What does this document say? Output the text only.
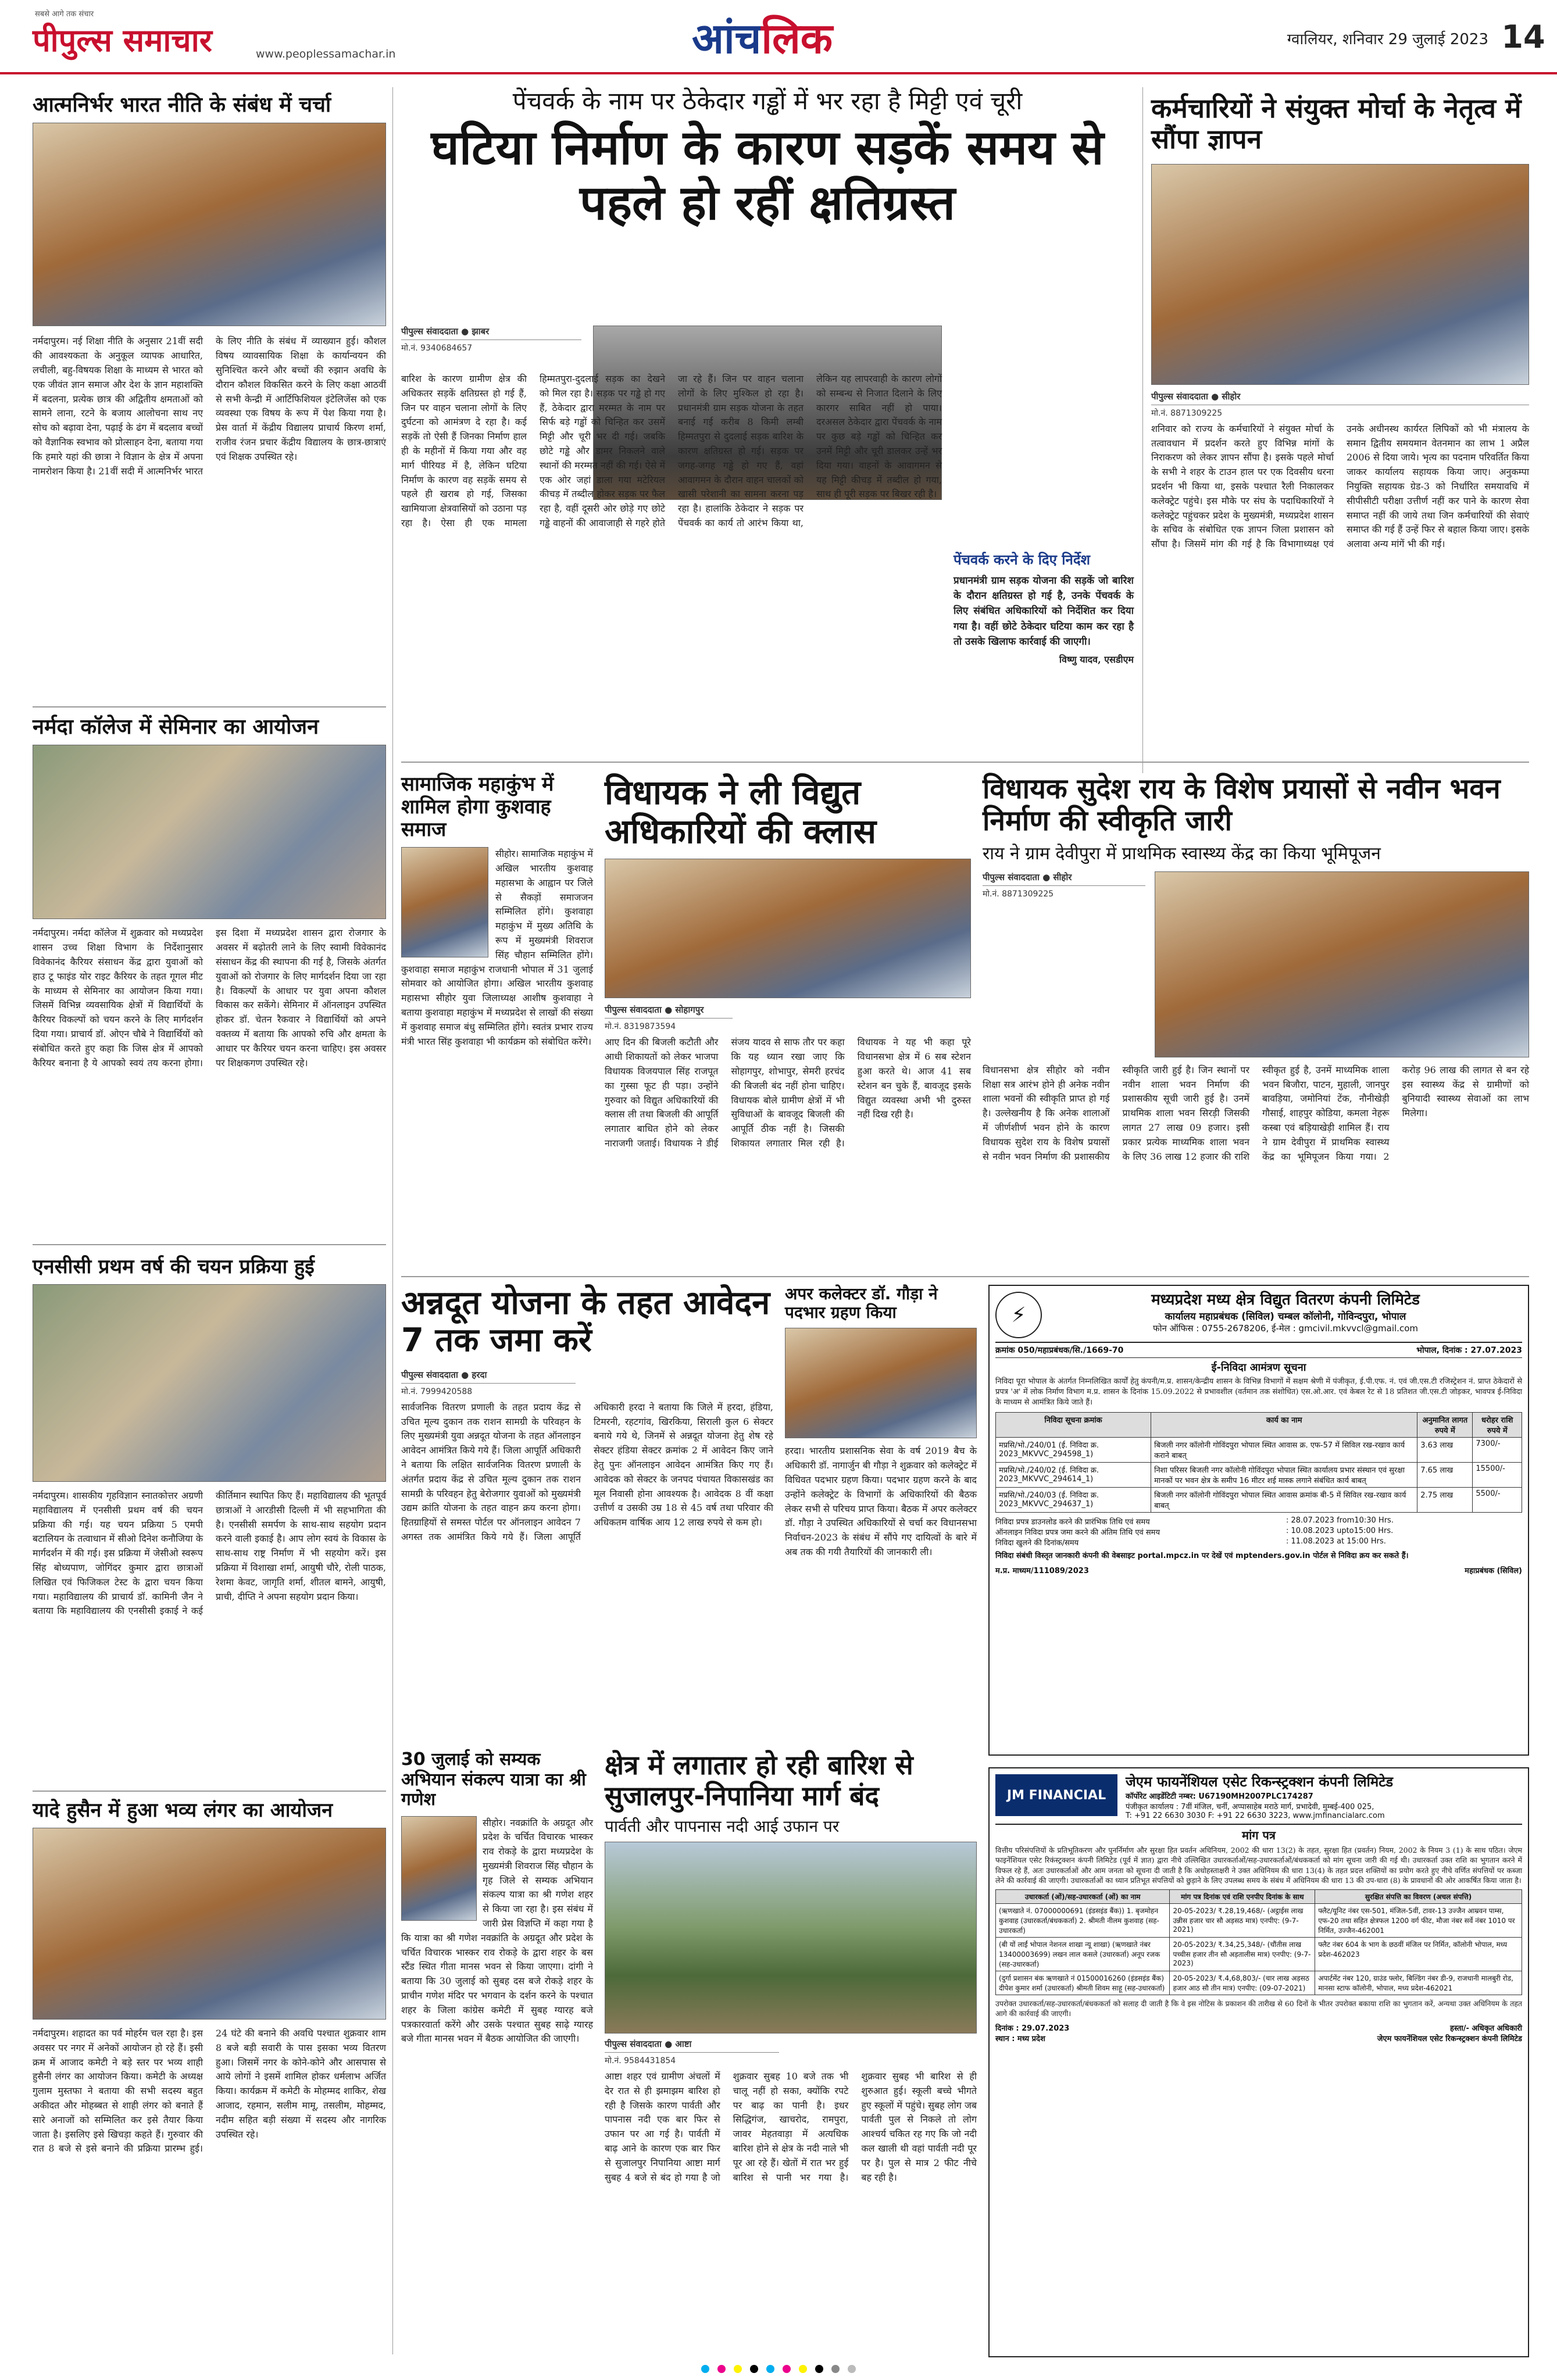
पीपुल्स समाचार
सबसे आगे तक संचार
www.peoplessamachar.in	आंचलिक	ग्वालियर, शनिवार 29 जुलाई 2023 14
आत्मनिर्भर भारत नीति के संबंध में चर्चा
नर्मदापुरम। नई शिक्षा नीति के अनुसार 21वीं सदी की आवश्यकता के अनुकूल व्यापक आधारित, लचीली, बहु-विषयक शिक्षा के माध्यम से भारत को एक जीवंत ज्ञान समाज और देश के ज्ञान महाशक्ति में बदलना, प्रत्येक छात्र की अद्वितीय क्षमताओं को सामने लाना, रटने के बजाय आलोचना साथ नए सोच को बढ़ावा देना, पढ़ाई के ढंग में बदलाव बच्चों को वैज्ञानिक स्वभाव को प्रोत्साहन देना, बताया गया कि हमारे यहां की छात्रा ने विज्ञान के क्षेत्र में अपना नामरोशन किया है। 21वीं सदी में आत्मनिर्भर भारत के लिए नीति के संबंध में व्याख्यान हुई। कौशल विषय व्यावसायिक शिक्षा के कार्यान्वयन की सुनिश्चित करने और बच्चों की रुझान अवधि के दौरान कौशल विकसित करने के लिए कक्षा आठवीं से सभी केन्द्री में आर्टिफिशियल इंटेलिजेंस को एक व्यवस्था एक विषय के रूप में पेश किया गया है। प्रेस वार्ता में केंद्रीय विद्यालय प्राचार्य किरण शर्मा, राजीव रंजन प्रचार केंद्रीय विद्यालय के छात्र-छात्राएं एवं शिक्षक उपस्थित रहे।
पेंचवर्क के नाम पर ठेकेदार गड्ढों में भर रहा है मिट्टी एवं चूरी
घटिया निर्माण के कारण सड़कें समय से पहले हो रहीं क्षतिग्रस्त
पीपुल्स संवाददाता ● झाबर
मो.नं. 9340684657
बारिश के कारण ग्रामीण क्षेत्र की अधिकतर सड़कें क्षतिग्रस्त हो गई हैं, जिन पर वाहन चलाना लोगों के लिए दुर्घटना को आमंत्रण दे रहा है। कई सड़कें तो ऐसी हैं जिनका निर्माण हाल ही के महीनों में किया गया और वह मार्ग पीरियड में है, लेकिन घटिया निर्माण के कारण वह सड़कें समय से पहले ही खराब हो गई, जिसका खामियाजा क्षेत्रवासियों को उठाना पड़ रहा है। ऐसा ही एक मामला हिम्मतपुरा-दुदलाई सड़क का देखने को मिल रहा है। सड़क पर गड्ढे हो गए हैं, ठेकेदार द्वारा मरम्मत के नाम पर सिर्फ बड़े गड्ढों को चिन्हित कर उसमें मिट्टी और चूरी भर दी गई। जबकि छोटे गड्ढे और डामर निकलने वाले स्थानों की मरम्मत नहीं की गई। ऐसे में एक ओर जहां डाला गया मटेरियल कीचड़ में तब्दील होकर सड़क पर फैल रहा है, वहीं दूसरी ओर छोड़े गए छोटे गड्ढे वाहनों की आवाजाही से गहरे होते जा रहे हैं। जिन पर वाहन चलाना लोगों के लिए मुश्किल हो रहा है। प्रधानमंत्री ग्राम सड़क योजना के तहत बनाई गई करीब 8 किमी लम्बी हिम्मतपुरा से दुदलाई सड़क बारिश के कारण क्षतिग्रस्त हो गई। सड़क पर जगह-जगह गड्ढे हो गए हैं, वहां आवागमन के दौरान वाहन चालकों को खासी परेशानी का सामना करना पड़ रहा है। हालांकि ठेकेदार ने सड़क पर पेंचवर्क का कार्य तो आरंभ किया था, लेकिन यह लापरवाही के कारण लोगों को सम्बन्ध से निजात दिलाने के लिए कारगर साबित नहीं हो पाया। दरअसल ठेकेदार द्वारा पेंचवर्क के नाम पर कुछ बड़े गड्ढों को चिन्हित कर उनमें मिट्टी और चूरी डालकर उन्हें भर दिया गया। वाहनों के आवागमन से यह मिट्टी कीचड़ में तब्दील हो गया, साथ ही पूरी सड़क पर बिखर रही है।
पेंचवर्क करने के दिए निर्देश
प्रधानमंत्री ग्राम सड़क योजना की सड़कें जो बारिश के दौरान क्षतिग्रस्त हो गई है, उनके पेंचवर्क के लिए संबंधित अधिकारियों को निर्देशित कर दिया गया है। वहीं छोटे ठेकेदार घटिया काम कर रहा है तो उसके खिलाफ कार्रवाई की जाएगी।
विष्णु यादव, एसडीएम
कर्मचारियों ने संयुक्त मोर्चा के नेतृत्व में सौंपा ज्ञापन
पीपुल्स संवाददाता ● सीहोर
मो.नं. 8871309225
शनिवार को राज्य के कर्मचारियों ने संयुक्त मोर्चा के तत्वावधान में प्रदर्शन करते हुए विभिन्न मांगों के निराकरण को लेकर ज्ञापन सौंपा है। इसके पहले मोर्चा के सभी ने शहर के टाउन हाल पर एक दिवसीय धरना प्रदर्शन भी किया था, इसके पश्चात रैली निकालकर कलेक्ट्रेट पहुंचे। इस मौके पर संघ के पदाधिकारियों ने कलेक्ट्रेट पहुंचकर प्रदेश के मुख्यमंत्री, मध्यप्रदेश शासन के सचिव के संबोधित एक ज्ञापन जिला प्रशासन को सौंपा है। जिसमें मांग की गई है कि विभागाध्यक्ष एवं उनके अधीनस्थ कार्यरत लिपिकों को भी मंत्रालय के समान द्वितीय समयमान वेतनमान का लाभ 1 अप्रैल 2006 से दिया जाये। भृत्य का पदनाम परिवर्तित किया जाकर कार्यालय सहायक किया जाए। अनुकम्पा नियुक्ति सहायक ग्रेड-3 को निर्धारित समयावधि में सीपीसीटी परीक्षा उत्तीर्ण नहीं कर पाने के कारण सेवा समाप्त नहीं की जाये तथा जिन कर्मचारियों की सेवाएं समाप्त की गई हैं उन्हें फिर से बहाल किया जाए। इसके अलावा अन्य मांगें भी की गई।
नर्मदा कॉलेज में सेमिनार का आयोजन
नर्मदापुरम। नर्मदा कॉलेज में शुक्रवार को मध्यप्रदेश शासन उच्च शिक्षा विभाग के निर्देशानुसार विवेकानंद कैरियर संसाधन केंद्र द्वारा युवाओं को हाउ टू फाइंड योर राइट कैरियर के तहत गूगल मीट के माध्यम से सेमिनार का आयोजन किया गया। जिसमें विभिन्न व्यवसायिक क्षेत्रों में विद्यार्थियों के कैरियर विकल्पों को चयन करने के लिए मार्गदर्शन दिया गया। प्राचार्य डॉ. ओएन चौबे ने विद्यार्थियों को संबोधित करते हुए कहा कि जिस क्षेत्र में आपको कैरियर बनाना है ये आपको स्वयं तय करना होगा। इस दिशा में मध्यप्रदेश शासन द्वारा रोजगार के अवसर में बढ़ोतरी लाने के लिए स्वामी विवेकानंद संसाधन केंद्र की स्थापना की गई है, जिसके अंतर्गत युवाओं को रोजगार के लिए मार्गदर्शन दिया जा रहा है। विकल्पों के आधार पर युवा अपना कौशल विकास कर सकेंगे। सेमिनार में ऑनलाइन उपस्थित होकर डॉ. चेतन रैकवार ने विद्यार्थियों को अपने वक्तव्य में बताया कि आपको रुचि और क्षमता के आधार पर कैरियर चयन करना चाहिए। इस अवसर पर शिक्षकगण उपस्थित रहे।
सामाजिक महाकुंभ में शामिल होगा कुशवाह समाज
सीहोर। सामाजिक महाकुंभ में अखिल भारतीय कुशवाह महासभा के आह्वान पर जिले से सैकड़ों समाजजन सम्मिलित होंगे। कुशवाहा महाकुंभ में मुख्य अतिथि के रूप में मुख्यमंत्री शिवराज सिंह चौहान सम्मिलित होंगे। कुशवाहा समाज महाकुंभ राजधानी भोपाल में 31 जुलाई सोमवार को आयोजित होगा। अखिल भारतीय कुशवाह महासभा सीहोर युवा जिलाध्यक्ष आशीष कुशवाहा ने बताया कुशवाहा महाकुंभ में मध्यप्रदेश से लाखों की संख्या में कुशवाह समाज बंधु सम्मिलित होंगे। स्वतंत्र प्रभार राज्य मंत्री भारत सिंह कुशवाहा भी कार्यक्रम को संबोधित करेंगे।
विधायक ने ली विद्युत अधिकारियों की क्लास
पीपुल्स संवाददाता ● सोहागपुर
मो.नं. 8319873594
आए दिन की बिजली कटौती और आधी शिकायतों को लेकर भाजपा विधायक विजयपाल सिंह राजपूत का गुस्सा फूट ही पड़ा। उन्होंने गुरुवार को विद्युत अधिकारियों की क्लास ली तथा बिजली की आपूर्ति लगातार बाधित होने को लेकर नाराजगी जताई। विधायक ने डीई संजय यादव से साफ तौर पर कहा कि यह ध्यान रखा जाए कि सोहागपुर, शोभापुर, सेमरी हरचंद की बिजली बंद नहीं होना चाहिए। विधायक बोले ग्रामीण क्षेत्रों में भी सुविधाओं के बावजूद बिजली की आपूर्ति ठीक नहीं है। जिसकी शिकायत लगातार मिल रही है। विधायक ने यह भी कहा पूरे विधानसभा क्षेत्र में 6 सब स्टेशन हुआ करते थे। आज 41 सब स्टेशन बन चुके हैं, बावजूद इसके विद्युत व्यवस्था अभी भी दुरुस्त नहीं दिख रही है।
विधायक सुदेश राय के विशेष प्रयासों से नवीन भवन निर्माण की स्वीकृति जारी
राय ने ग्राम देवीपुरा में प्राथमिक स्वास्थ्य केंद्र का किया भूमिपूजन
पीपुल्स संवाददाता ● सीहोर
मो.नं. 8871309225
विधानसभा क्षेत्र सीहोर को नवीन शिक्षा सत्र आरंभ होने ही अनेक नवीन शाला भवनों की स्वीकृति प्राप्त हो गई है। उल्लेखनीय है कि अनेक शालाओं में जीर्णशीर्ण भवन होने के कारण विधायक सुदेश राय के विशेष प्रयासों से नवीन भवन निर्माण की प्रशासकीय स्वीकृति जारी हुई है। जिन स्थानों पर नवीन शाला भवन निर्माण की प्रशासकीय सूची जारी हुई है। उनमें प्राथमिक शाला भवन सिरड़ी जिसकी लागत 27 लाख 09 हजार। इसी प्रकार प्रत्येक माध्यमिक शाला भवन के लिए 36 लाख 12 हजार की राशि स्वीकृत हुई है, उनमें माध्यमिक शाला भवन बिजौरा, पाटन, मुहाली, जानपुर बावड़िया, जमोनियां टेंक, नौनीखेड़ी गौसाई, शाहपुर कोडिया, कमला नेहरू कस्बा एवं बड़ियाखेड़ी शामिल हैं। राय ने ग्राम देवीपुरा में प्राथमिक स्वास्थ्य केंद्र का भूमिपूजन किया गया। 2 करोड़ 96 लाख की लागत से बन रहे इस स्वास्थ्य केंद्र से ग्रामीणों को बुनियादी स्वास्थ्य सेवाओं का लाभ मिलेगा।
एनसीसी प्रथम वर्ष की चयन प्रक्रिया हुई
नर्मदापुरम। शासकीय गृहविज्ञान स्नातकोत्तर अग्रणी महाविद्यालय में एनसीसी प्रथम वर्ष की चयन प्रक्रिया की गई। यह चयन प्रक्रिया 5 एमपी बटालियन के तत्वाधान में सीओ दिनेश कनौजिया के मार्गदर्शन में की गई। इस प्रक्रिया में जेसीओ स्वरूप सिंह बोध्यपाण, जोगिंदर कुमार द्वारा छात्राओं लिखित एवं फिजिकल टेस्ट के द्वारा चयन किया गया। महाविद्यालय की प्राचार्य डॉ. कामिनी जैन ने बताया कि महाविद्यालय की एनसीसी इकाई ने कई कीर्तिमान स्थापित किए हैं। महाविद्यालय की भूतपूर्व छात्राओं ने आरडीसी दिल्ली में भी सहभागिता की है। एनसीसी समर्पण के साथ-साथ सहयोग प्रदान करने वाली इकाई है। आप लोग स्वयं के विकास के साथ-साथ राष्ट्र निर्माण में भी सहयोग करें। इस प्रक्रिया में विशाखा शर्मा, आयुषी चौरे, रोली पाठक, रेशमा केवट, जागृति शर्मा, शीतल बामने, आयुषी, प्राची, दीप्ति ने अपना सहयोग प्रदान किया।
अन्नदूत योजना के तहत आवेदन 7 तक जमा करें
पीपुल्स संवाददाता ● हरदा
मो.नं. 7999420588
सार्वजनिक वितरण प्रणाली के तहत प्रदाय केंद्र से उचित मूल्य दुकान तक राशन सामग्री के परिवहन के लिए मुख्यमंत्री युवा अन्नदूत योजना के तहत ऑनलाइन आवेदन आमंत्रित किये गये हैं। जिला आपूर्ति अधिकारी ने बताया कि लक्षित सार्वजनिक वितरण प्रणाली के अंतर्गत प्रदाय केंद्र से उचित मूल्य दुकान तक राशन सामग्री के परिवहन हेतु बेरोजगार युवाओं को मुख्यमंत्री उद्यम क्रांति योजना के तहत वाहन क्रय करना होगा। हितग्राहियों से समस्त पोर्टल पर ऑनलाइन आवेदन 7 अगस्त तक आमंत्रित किये गये हैं। जिला आपूर्ति अधिकारी हरदा ने बताया कि जिले में हरदा, हंडिया, टिमरनी, रहटगांव, खिरकिया, सिराली कुल 6 सेक्टर बनाये गये थे, जिनमें से अन्नदूत योजना हेतु शेष रहे सेक्टर हंडिया सेक्टर क्रमांक 2 में आवेदन किए जाने हेतु पुनः ऑनलाइन आवेदन आमंत्रित किए गए हैं। आवेदक को सेक्टर के जनपद पंचायत विकासखंड का मूल निवासी होना आवश्यक है। आवेदक 8 वीं कक्षा उत्तीर्ण व उसकी उम्र 18 से 45 वर्ष तथा परिवार की अधिकतम वार्षिक आय 12 लाख रुपये से कम हो।
अपर कलेक्टर डॉ. गौड़ा ने पदभार ग्रहण किया
हरदा। भारतीय प्रशासनिक सेवा के वर्ष 2019 बैच के अधिकारी डॉ. नागार्जुन बी गौड़ा ने शुक्रवार को कलेक्ट्रेट में विधिवत पदभार ग्रहण किया। पदभार ग्रहण करने के बाद उन्होंने कलेक्ट्रेट के विभागों के अधिकारियों की बैठक लेकर सभी से परिचय प्राप्त किया। बैठक में अपर कलेक्टर डॉ. गौड़ा ने उपस्थित अधिकारियों से चर्चा कर विधानसभा निर्वाचन-2023 के संबंध में सौंपे गए दायित्वों के बारे में अब तक की गयी तैयारियों की जानकारी ली।
⚡
मध्यप्रदेश मध्य क्षेत्र विद्युत वितरण कंपनी लिमिटेड
कार्यालय महाप्रबंधक (सिविल) चम्बल कॉलोनी, गोविन्दपुरा, भोपाल
फोन ऑफिस : 0755-2678206, ई-मेल : gmcivil.mkvvcl@gmail.com
क्रमांक 050/महाप्रबंधक/सि./1669-70	भोपाल, दिनांक : 27.07.2023
ई-निविदा आमंत्रण सूचना
निविदा पूरा भोपाल के अंतर्गत निम्नलिखित कार्यों हेतु कंपनी/म.प्र. शासन/केन्द्रीय शासन के विभिन्न विभागों में सक्षम श्रेणी में पंजीकृत, ई.पी.एफ. नं. एवं जी.एस.टी रजिस्ट्रेशन नं. प्राप्त ठेकेदारों से प्रपत्र 'अ' में लोक निर्माण विभाग म.प्र. शासन के दिनांक 15.09.2022 से प्रभावशील (वर्तमान तक संशोधित) एस.ओ.आर. एवं केबल रेट से 18 प्रतिशत जी.एस.टी जोड़कर, भावपत्र ई-निविदा के माध्यम से आमंत्रित किये जाते हैं।
निविदा सूचना क्रमांक	कार्य का नाम	अनुमानित लागत रुपये में	धरोहर राशि रुपये में
मप्रसि/भो./240/01 (ई. निविदा क्र. 2023_MKVVC_294598_1)	बिजली नगर कॉलोनी गोविंदपुरा भोपाल स्थित आवास क्र. एफ-57 में सिविल रख-रखाव कार्य कराने बाबत्	3.63 लाख	7300/-
मप्रसि/भो./240/02 (ई. निविदा क्र. 2023_MKVVC_294614_1)	निशा परिसर बिजली नगर कॉलोनी गोविंदपुरा भोपाल स्थित कार्यालय प्रभार संस्थान एवं सुरक्षा मानकों पर भवन क्षेत्र के समीप 16 मीटर शई मास्क लगाने संबंधित कार्य बाबत्	7.65 लाख	15500/-
मप्रसि/भो./240/03 (ई. निविदा क्र. 2023_MKVVC_294637_1)	बिजली नगर कॉलोनी गोविंदपुरा भोपाल स्थित आवास क्रमांक बी-5 में सिविल रख-रखाव कार्य बाबत्	2.75 लाख	5500/-
निविदा प्रपत्र डाउनलोड करने की प्रारंभिक तिथि एवं समय	: 28.07.2023 from10:30 Hrs.
ऑनलाइन निविदा प्रपत्र जमा करने की अंतिम तिथि एवं समय	: 10.08.2023 upto15:00 Hrs.
निविदा खुलने की दिनांक/समय	: 11.08.2023 at 15:00 Hrs.
निविदा संबंधी विस्तृत जानकारी कंपनी की वेबसाइट portal.mpcz.in पर देखें एवं mptenders.gov.in पोर्टल से निविदा क्रय कर सकते हैं।
म.प्र. माध्यम/111089/2023	महाप्रबंधक (सिविल)
यादे हुसैन में हुआ भव्य लंगर का आयोजन
नर्मदापुरम। शहादत का पर्व मोहर्रम चल रहा है। इस अवसर पर नगर में अनेकों आयोजन हो रहे हैं। इसी क्रम में आजाद कमेटी ने बड़े स्तर पर भव्य शाही हुसैनी लंगर का आयोजन किया। कमेटी के अध्यक्ष गुलाम मुस्तफा ने बताया की सभी सदस्य बहुत अकीदत और मोहब्बत से शाही लंगर को बनाते हैं सारे अनाजों को सम्मिलित कर इसे तैयार किया जाता है। इसलिए इसे खिचड़ा कहते हैं। गुरुवार की रात 8 बजे से इसे बनाने की प्रक्रिया प्रारम्भ हुई। 24 घंटे की बनाने की अवधि पश्चात शुक्रवार शाम 8 बजे बड़ी सवारी के पास इसका भव्य वितरण हुआ। जिसमें नगर के कोने-कोने और आसपास से आये लोगों ने इसमें शामिल होकर धर्मलाभ अर्जित किया। कार्यक्रम में कमेटी के मोहम्मद शाकिर, शेख आजाद, रहमान, सलीम मामू, तसलीम, मोहम्मद, नदीम सहित बड़ी संख्या में सदस्य और नागरिक उपस्थित रहे।
30 जुलाई को सम्यक अभियान संकल्प यात्रा का श्री गणेश
सीहोर। नवक्रांति के अग्रदूत और प्रदेश के चर्चित विचारक भास्कर राव रोकड़े के द्वारा मध्यप्रदेश के मुख्यमंत्री शिवराज सिंह चौहान के गृह जिले से सम्यक अभियान संकल्प यात्रा का श्री गणेश शहर से किया जा रहा है। इस संबंध में जारी प्रेस विज्ञप्ति में कहा गया है कि यात्रा का श्री गणेश नवक्रांति के अग्रदूत और प्रदेश के चर्चित विचारक भास्कर राव रोकड़े के द्वारा शहर के बस स्टैंड स्थित गीता मानस भवन से किया जाएगा। दांगी ने बताया कि 30 जुलाई को सुबह दस बजे रोकड़े शहर के प्राचीन गणेश मंदिर पर भगवान के दर्शन करने के पश्चात शहर के जिला कांग्रेस कमेटी में सुबह ग्यारह बजे पत्रकारवार्ता करेंगे और उसके पश्चात सुबह साढ़े ग्यारह बजे गीता मानस भवन में बैठक आयोजित की जाएगी।
क्षेत्र में लगातार हो रही बारिश से सुजालपुर-निपानिया मार्ग बंद
पार्वती और पापनास नदी आई उफान पर
पीपुल्स संवाददाता ● आष्टा
मो.नं. 9584431854
आष्टा शहर एवं ग्रामीण अंचलों में देर रात से ही झमाझम बारिश हो रही है जिसके कारण पार्वती और पापनास नदी एक बार फिर से उफान पर आ गई है। पार्वती में बाढ़ आने के कारण एक बार फिर से सुजालपुर निपानिया आष्टा मार्ग सुबह 4 बजे से बंद हो गया है जो शुक्रवार सुबह 10 बजे तक भी चालू नहीं हो सका, क्योंकि रपटे पर बाढ़ का पानी है। इधर सिद्धिगंज, खाचरोद, रामपुरा, जावर मेहतवाड़ा में अत्यधिक बारिश होने से क्षेत्र के नदी नाले भी पूर आ रहे हैं। खेतों में रात भर हुई बारिश से पानी भर गया है। शुक्रवार सुबह भी बारिश से ही शुरुआत हुई। स्कूली बच्चे भीगते हुए स्कूलों में पहुंचे। सुबह लोग जब पार्वती पुल से निकले तो लोग आश्चर्य चकित रह गए कि जो नदी कल खाली थी वहां पार्वती नदी पूर पर है। पुल से मात्र 2 फीट नीचे बह रही है।
JM FINANCIAL
जेएम फायनेंशियल एसेट रिकन्स्ट्रक्शन कंपनी लिमिटेड
कॉर्पोरेट आइडेंटिटी नम्बर: U67190MH2007PLC174287
पंजीकृत कार्यालय : 7वीं मंजिल, चर्नी, अप्पासाहेब मराठे मार्ग, प्रभादेवी, मुम्बई-400 025,
T: +91 22 6630 3030 F: +91 22 6630 3223, www.jmfinancialarc.com
मांग पत्र
वित्तीय परिसंपत्तियों के प्रतिभूतिकरण और पुनर्निर्माण और सुरक्षा हित प्रवर्तन अधिनियम, 2002 की धारा 13(2) के तहत, सुरक्षा हित (प्रवर्तन) नियम, 2002 के नियम 3 (1) के साथ पठित। जेएम फाइनेंशियल एसेट रिकंस्ट्रक्शन कंपनी लिमिटेड (पूर्व में ज्ञात) द्वारा नीचे उल्लिखित उधारकर्ताओं/सह-उधारकर्ताओं/बंधककर्ता को मांग सूचना जारी की गई थी। उधारकर्ता उक्त राशि का भुगतान करने में विफल रहे हैं, अतः उधारकर्ताओं और आम जनता को सूचना दी जाती है कि अधोहस्ताक्षरी ने उक्त अधिनियम की धारा 13(4) के तहत प्रदत्त शक्तियों का प्रयोग करते हुए नीचे वर्णित संपत्तियों पर कब्जा लेने की कार्रवाई की जाएगी। उधारकर्ताओं का ध्यान प्रतिभूत संपत्तियों को छुड़ाने के लिए उपलब्ध समय के संबंध में अधिनियम की धारा 13 की उप-धारा (8) के प्रावधानों की ओर आकर्षित किया जाता है।
उधारकर्ता (ओं)/सह-उधारकर्ता (ओं) का नाम	मांग पत्र दिनांक एवं राशि एनपीए दिनांक के साथ	सुरक्षित संपत्ति का विवरण (अचल संपत्ति)
(ऋणखाते नं. 07000000691 (इंडसइंड बैंक)) 1. बृजमोहन कुशवाह (उधारकर्ता/बंधककर्ता) 2. श्रीमती नीलम कुशवाह (सह-उधारकर्ता)	20-05-2023/ ₹.28,19,468/- (अट्ठाईस लाख उन्नीस हजार चार सौ अड़सठ मात्र) एनपीए: (9-7-2021)	फ्लैट/यूनिट नंबर एस-501, मंजिल-5वीं, टावर-13 उज्जैन आम्रवन पाम्स, एफ-20 तथा सहित क्षेत्रफल 1200 वर्ग फीट, मौजा नंबर सर्वे नंबर 1010 पर निर्मित, उज्जैन-462001
(बी यों लाईं भोपाल नेशनल शाखा न्यू शाखा) (ऋणखाते नंबर 13400003699) लखन लाल कसले (उधारकर्ता) अनूप रजक (सह-उधारकर्ता)	20-05-2023/ ₹.34,25,348/- (चौंतीस लाख पच्चीस हजार तीन सौ अड़तालीस मात्र) एनपीए: (9-7-2023)	फ्लैट नंबर 604 के भाग के छठवीं मंजिल पर निर्मित, कॉलोनी भोपाल, मध्य प्रदेश-462023
(दुर्गा प्रशासन बंक ऋणखाते नं 01500016260 (इंडसइंड बैंक) दीपेश कुमार शर्मा (उधारकर्ता) श्रीमती शिवम साहू (सह-उधारकर्ता)	20-05-2023/ ₹.4,68,803/- (चार लाख अड़सठ हजार आठ सौ तीन मात्र) एनपीए: (09-07-2021)	अपार्टमेंट नंबर 120, ग्राउंड फ्लोर, बिल्डिंग नंबर डी-9, राजधानी मालबुरी रोड, मानसा स्टाफ कॉलोनी, भोपाल, मध्य प्रदेश-462021
उपरोक्त उधारकर्ता/सह-उधारकर्ता/बंधककर्ता को सलाह दी जाती है कि वे इस नोटिस के प्रकाशन की तारीख से 60 दिनों के भीतर उपरोक्त बकाया राशि का भुगतान करें, अन्यथा उक्त अधिनियम के तहत आगे की कार्रवाई की जाएगी।
दिनांक : 29.07.2023
स्थान : मध्य प्रदेश
हस्ता/- अधिकृत अधिकारी
जेएम फायनेंशियल एसेट रिकन्स्ट्रक्शन कंपनी लिमिटेड
